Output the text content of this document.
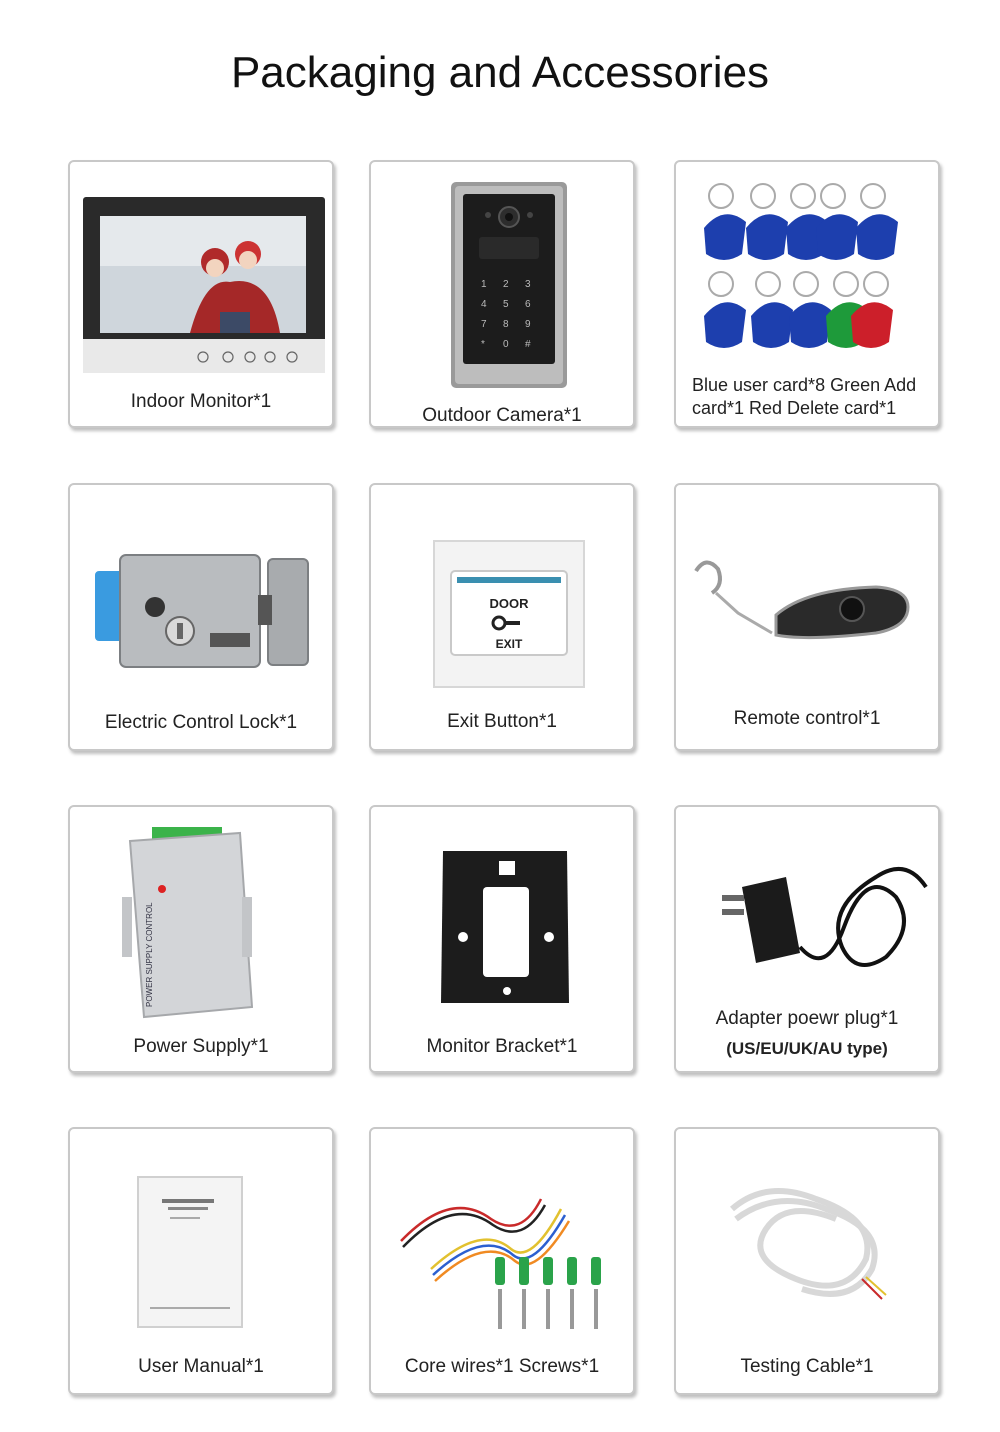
Packaging and Accessories
Indoor Monitor*1
1 2 3
4 5 6
7 8 9
* 0 #
Outdoor Camera*1
Blue user card*8 Green Add
card*1 Red Delete card*1
Electric Control Lock*1
DOOR
EXIT
Exit Button*1	Remote control*1
POWER SUPPLY CONTROL
Power Supply*1	Monitor Bracket*1
Adapter poewr plug*1
(US/EU/UK/AU type)
User Manual*1	Core wires*1 Screws*1	Testing Cable*1
